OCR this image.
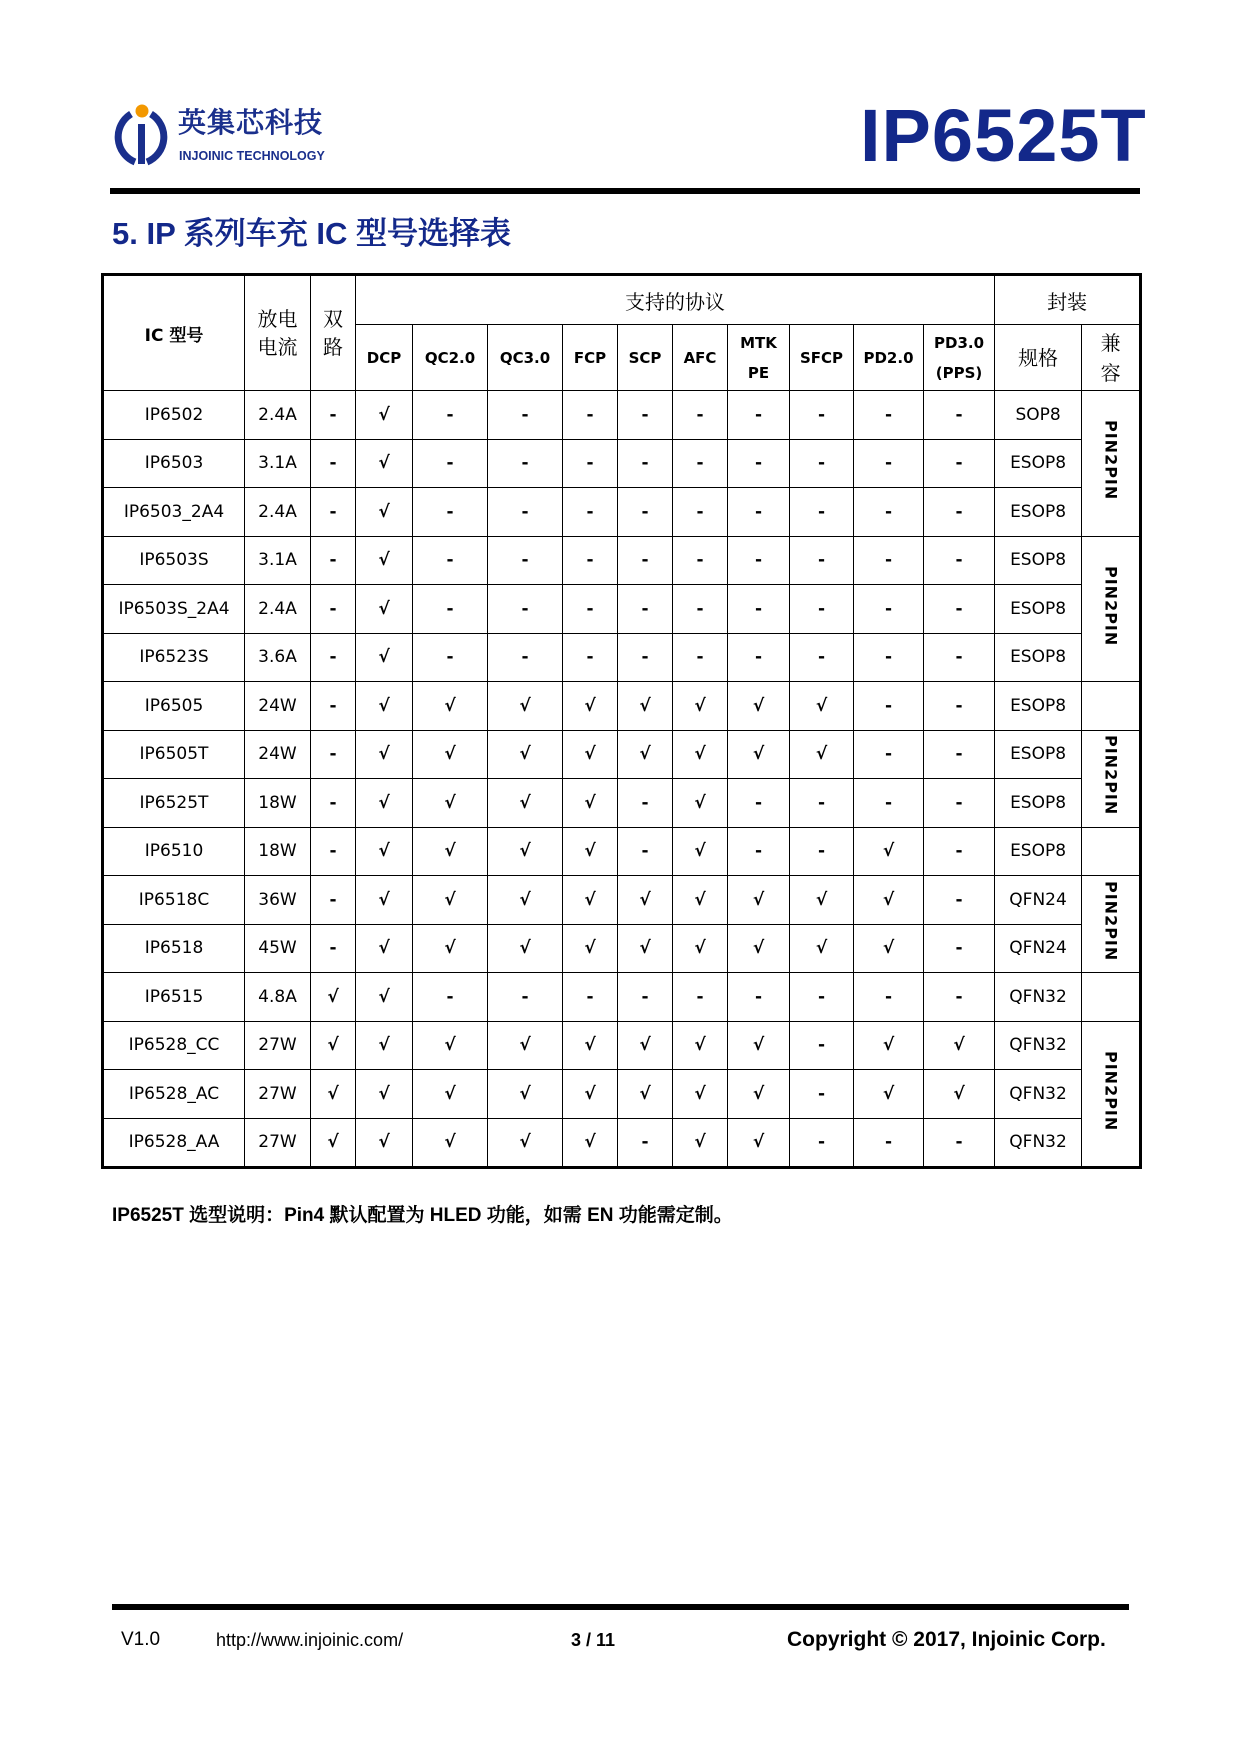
英集芯科技
INJOINIC TECHNOLOGY	IP6525T
5. IP 系列车充 IC 型号选择表
IC 型号	放电电流	双路	支持的协议										封装	
			DCP	QC2.0	QC3.0	FCP	SCP	AFC	MTK PE	SFCP	PD2.0	PD3.0 (PPS)	规格	兼容
IP6502	2.4A	-	√	-	-	-	-	-	-	-	-	-	SOP8	PIN2PIN
IP6503	3.1A	-	√	-	-	-	-	-	-	-	-	-	ESOP8	
IP6503_2A4	2.4A	-	√	-	-	-	-	-	-	-	-	-	ESOP8	
IP6503S	3.1A	-	√	-	-	-	-	-	-	-	-	-	ESOP8	PIN2PIN
IP6503S_2A4	2.4A	-	√	-	-	-	-	-	-	-	-	-	ESOP8	
IP6523S	3.6A	-	√	-	-	-	-	-	-	-	-	-	ESOP8	
IP6505	24W	-	√	√	√	√	√	√	√	√	-	-	ESOP8	
IP6505T	24W	-	√	√	√	√	√	√	√	√	-	-	ESOP8	PIN2PIN
IP6525T	18W	-	√	√	√	√	-	√	-	-	-	-	ESOP8	
IP6510	18W	-	√	√	√	√	-	√	-	-	√	-	ESOP8	
IP6518C	36W	-	√	√	√	√	√	√	√	√	√	-	QFN24	PIN2PIN
IP6518	45W	-	√	√	√	√	√	√	√	√	√	-	QFN24	
IP6515	4.8A	√	√	-	-	-	-	-	-	-	-	-	QFN32	
IP6528_CC	27W	√	√	√	√	√	√	√	√	-	√	√	QFN32	PIN2PIN
IP6528_AC	27W	√	√	√	√	√	√	√	√	-	√	√	QFN32	
IP6528_AA	27W	√	√	√	√	√	-	√	√	-	-	-	QFN32	
IP6525T 选型说明：Pin4 默认配置为 HLED 功能，如需 EN 功能需定制。
V1.0	http://www.injoinic.com/	3 / 11	Copyright © 2017, Injoinic Corp.
